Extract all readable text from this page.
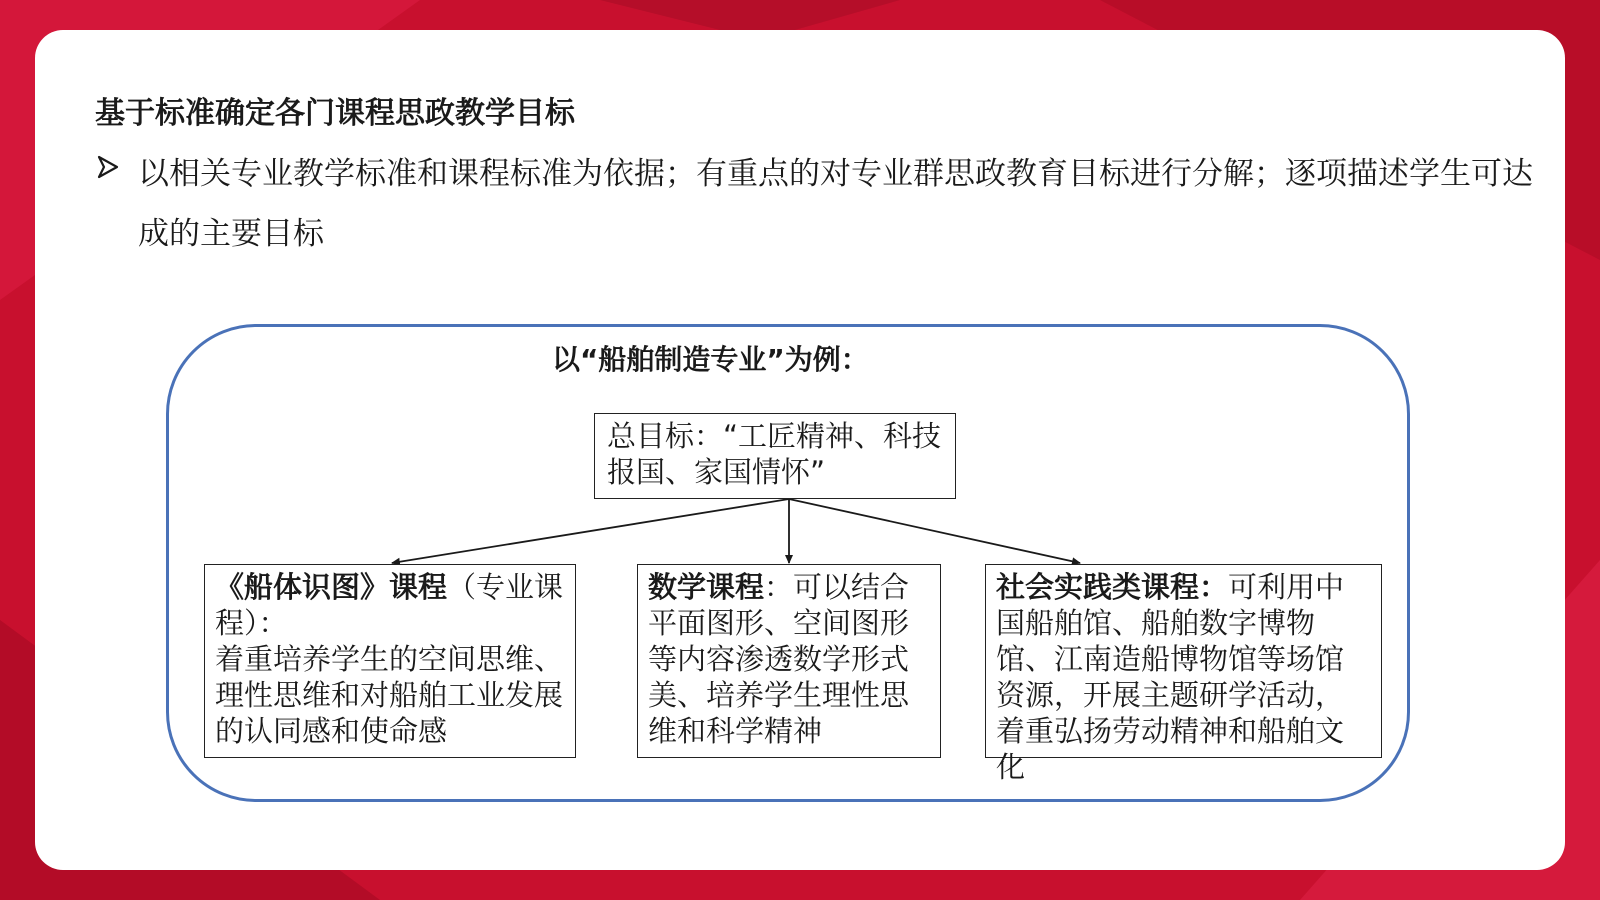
基于标准确定各门课程思政教学目标
以相关专业教学标准和课程标准为依据；有重点的对专业群思政教育目标进行分解；逐项描述学生可达成的主要目标
以“船舶制造专业”为例：
总目标：“工匠精神、科技报国、家国情怀”
《船体识图》课程（专业课程）：
着重培养学生的空间思维、理性思维和对船舶工业发展的认同感和使命感
数学课程：可以结合平面图形、空间图形等内容渗透数学形式美、培养学生理性思维和科学精神
社会实践类课程：可利用中国船舶馆、船舶数字博物馆、江南造船博物馆等场馆资源，开展主题研学活动，着重弘扬劳动精神和船舶文化
